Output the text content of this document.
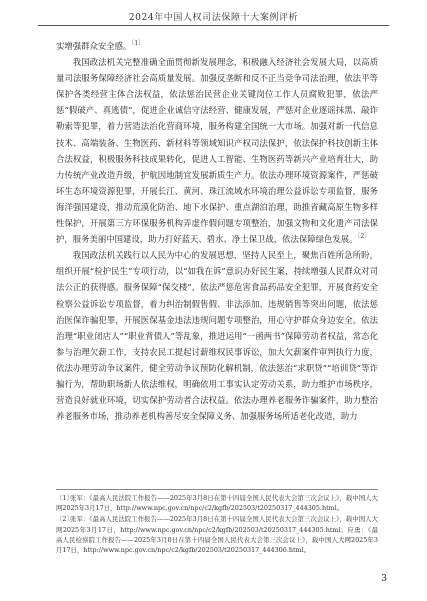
2024年中国人权司法保障十大案例评析

实增强群众安全感。$^{〔1〕}$

我国政法机关完整准确全面贯彻新发展理念，积极融入经济社会发展大局，以高质量司法服务保障经济社会高质量发展。加强反垄断和反不正当竞争司法治理，依法平等保护各类经营主体合法权益，依法惩治民营企业关键岗位工作人员腐败犯罪，依法严惩“假破产、真逃债”，促进企业诚信守法经营、健康发展，严惩对企业逐谣抹黑、敲诈勒索等犯罪，着力营造法治化营商环境，服务构建全国统一大市场。加强对新一代信息技术、高端装备、生物医药、新材料等领域知识产权司法保护，依法保护科技创新主体合法权益，积极服务科技成果转化，促进人工智能、生物医药等新兴产业培育壮大，助力传统产业改造升级，护航因地制宜发展新质生产力。依法办理环境资源案件，严惩破坏生态环境资源犯罪，开展长江、黄河、珠江流域水环境治理公益诉讼专项监督，服务海洋强国建设，推动荒漠化防治、地下水保护、重点湖泊治理，助推省藏高原生物多样性保护，开展第三方环保服务机构弄虚作假问题专项整治，加强文物和文化遗产司法保护，服务美丽中国建设，助力打好蓝天、碧水、净土保卫战，依法保障绿色发展。$^{〔2〕}$

我国政法机关践行以人民为中心的发展思想，坚持人民至上，聚焦百姓所急所盼，组织开展“检护民生”专项行动，以“如我在诉”意识办好民生案，持续增强人民群众对司法公正的获得感。服务保障“保交楼”，依法严惩危害食品药品安全犯罪，开展食药安全检察公益诉讼专项监督，着力纠治制假售假、非法添加、违规销售等突出问题，依法惩治医保诈骗犯罪，开展医保基金违法违规问题专项整治，用心守护群众身边安全。依法治理“职业闭店人”“职业背债人”等乱象，推进运用“一函两书”保障劳动者权益，常态化参与治理欠薪工作，支持农民工提起讨薪维权民事诉讼，加大欠薪案件审判执行力度，依法办理劳动争议案件，健全劳动争议预防化解机制，依法惩治“求职贷”“培训贷”等诈骗行为，帮助职场新人依法维权，明确依用工事实认定劳动关系，助力维护市场秩序，营造良好就业环境，切实保护劳动者合法权益。依法办理养老服务诈骗案件，助力整治养老服务市场，推动养老机构善尽安全保障义务、加强服务场所适老化改造，助力

〔1〕张军：《最高人民法院工作报告——2025年3月8日在第十四届全国人民代表大会第三次会议上》，载中国人大网2025年3月17日，http://www.npc.gov.cn/npc/c2/kgfb/202503/t20250317_444305.html。

〔2〕张军：《最高人民法院工作报告——2025年3月8日在第十四届全国人民代表大会第三次会议上》，载中国人大网2025年3月17日，http://www.npc.gov.cn/npc/c2/kgfb/202503/t20250317_444305.html；应勇：《最高人民检察院工作报告——2025年3月8日在第十四届全国人民代表大会第三次会议上》，载中国人大网2025年3月17日，http://www.npc.gov.cn/npc/c2/kgfb/202503/t20250317_444306.html。

3
